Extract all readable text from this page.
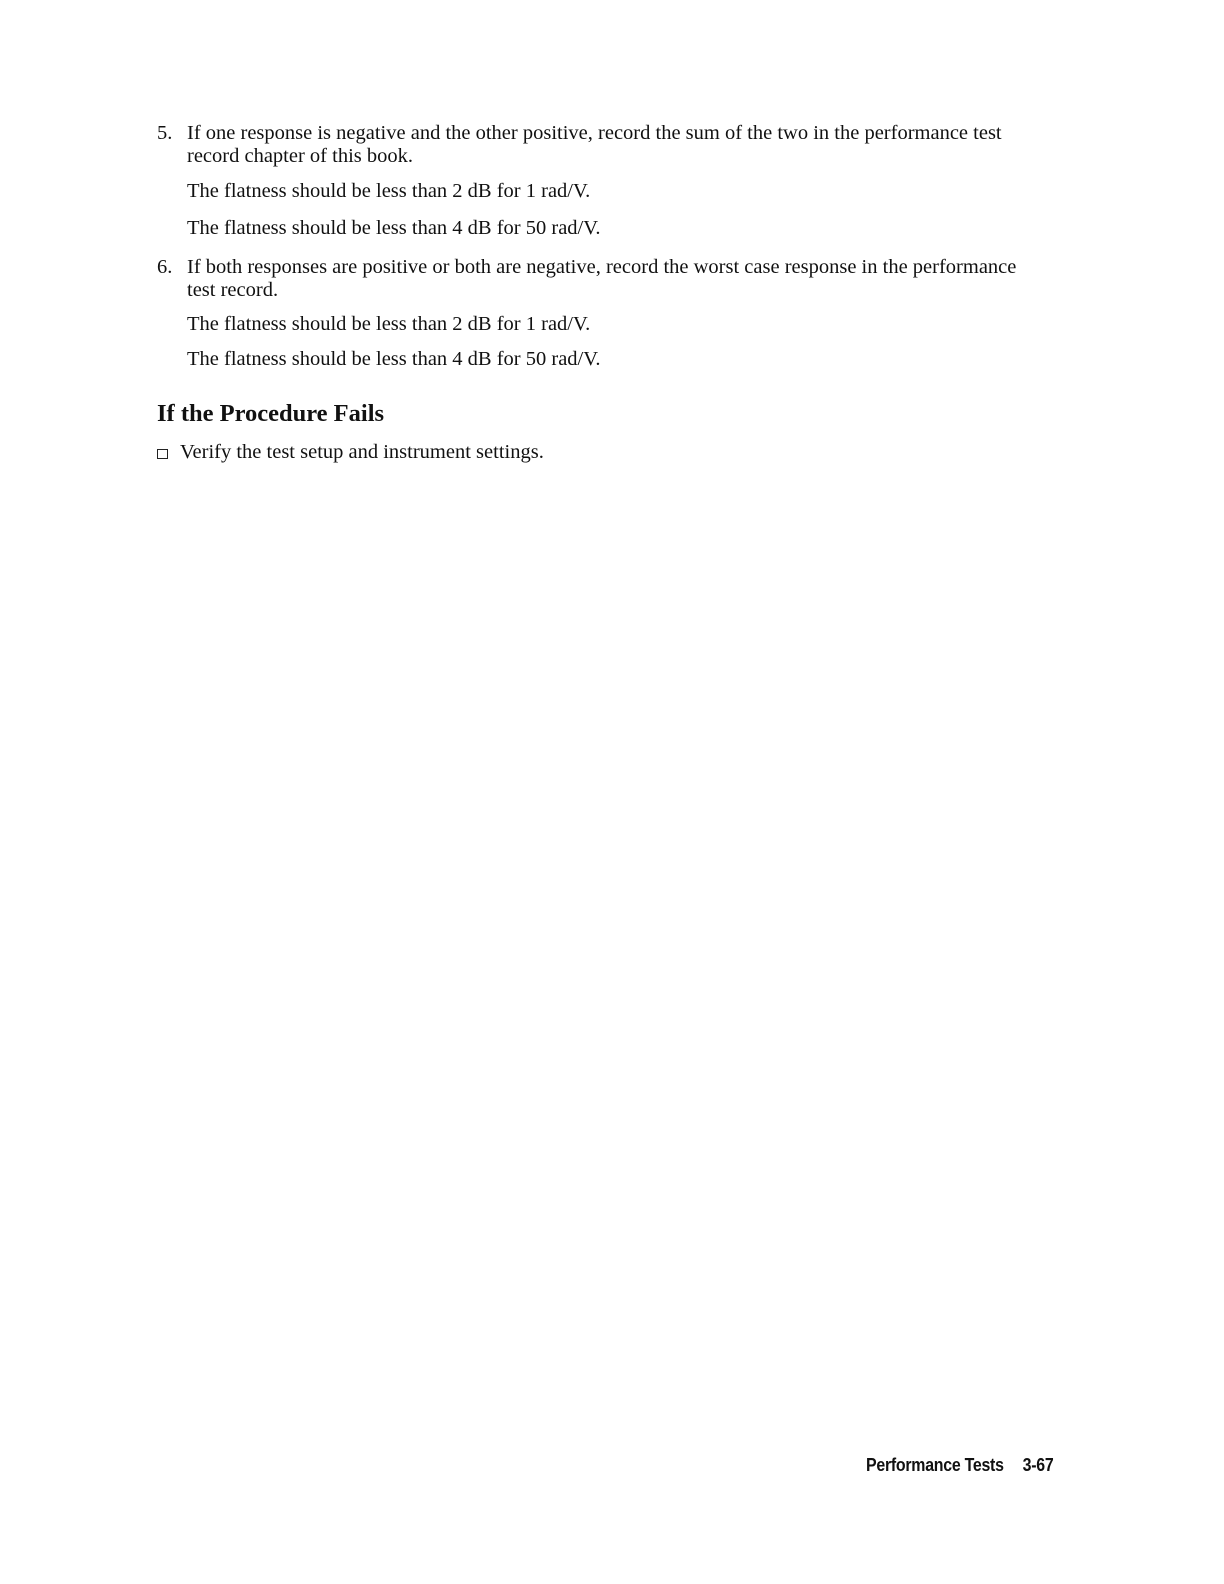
5. If one response is negative and the other positive, record the sum of the two in the performance test record chapter of this book.
The flatness should be less than 2 dB for 1 rad/V.
The flatness should be less than 4 dB for 50 rad/V.
6. If both responses are positive or both are negative, record the worst case response in the performance test record.
The flatness should be less than 2 dB for 1 rad/V.
The flatness should be less than 4 dB for 50 rad/V.
If the Procedure Fails
Verify the test setup and instrument settings.
Performance Tests 3-67
